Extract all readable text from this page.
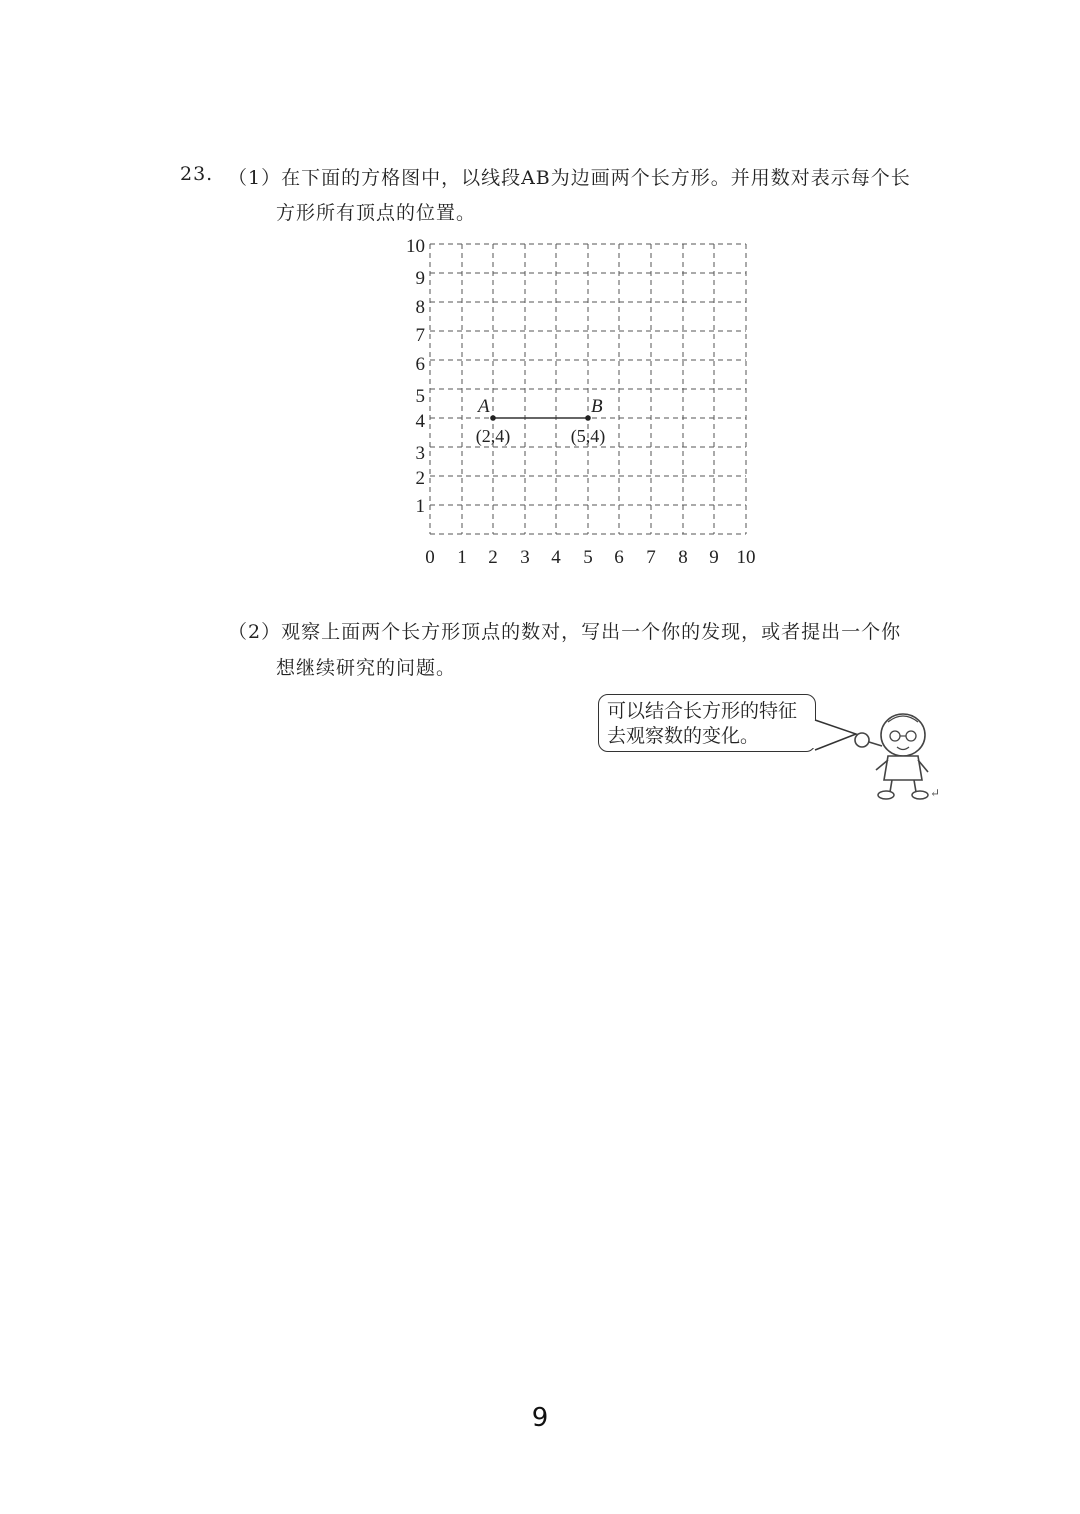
23. （1）在下面的方格图中，以线段AB为边画两个长方形。并用数对表示每个长
方形所有顶点的位置。
1
2
3
4
5
6
7
8
9
10
0 1 2 3 4 5 6 7 8 9 10
A
(2,4)
B
(5,4)
（2）观察上面两个长方形顶点的数对，写出一个你的发现，或者提出一个你
想继续研究的问题。
可以结合长方形的特征
去观察数的变化。
↵
9
